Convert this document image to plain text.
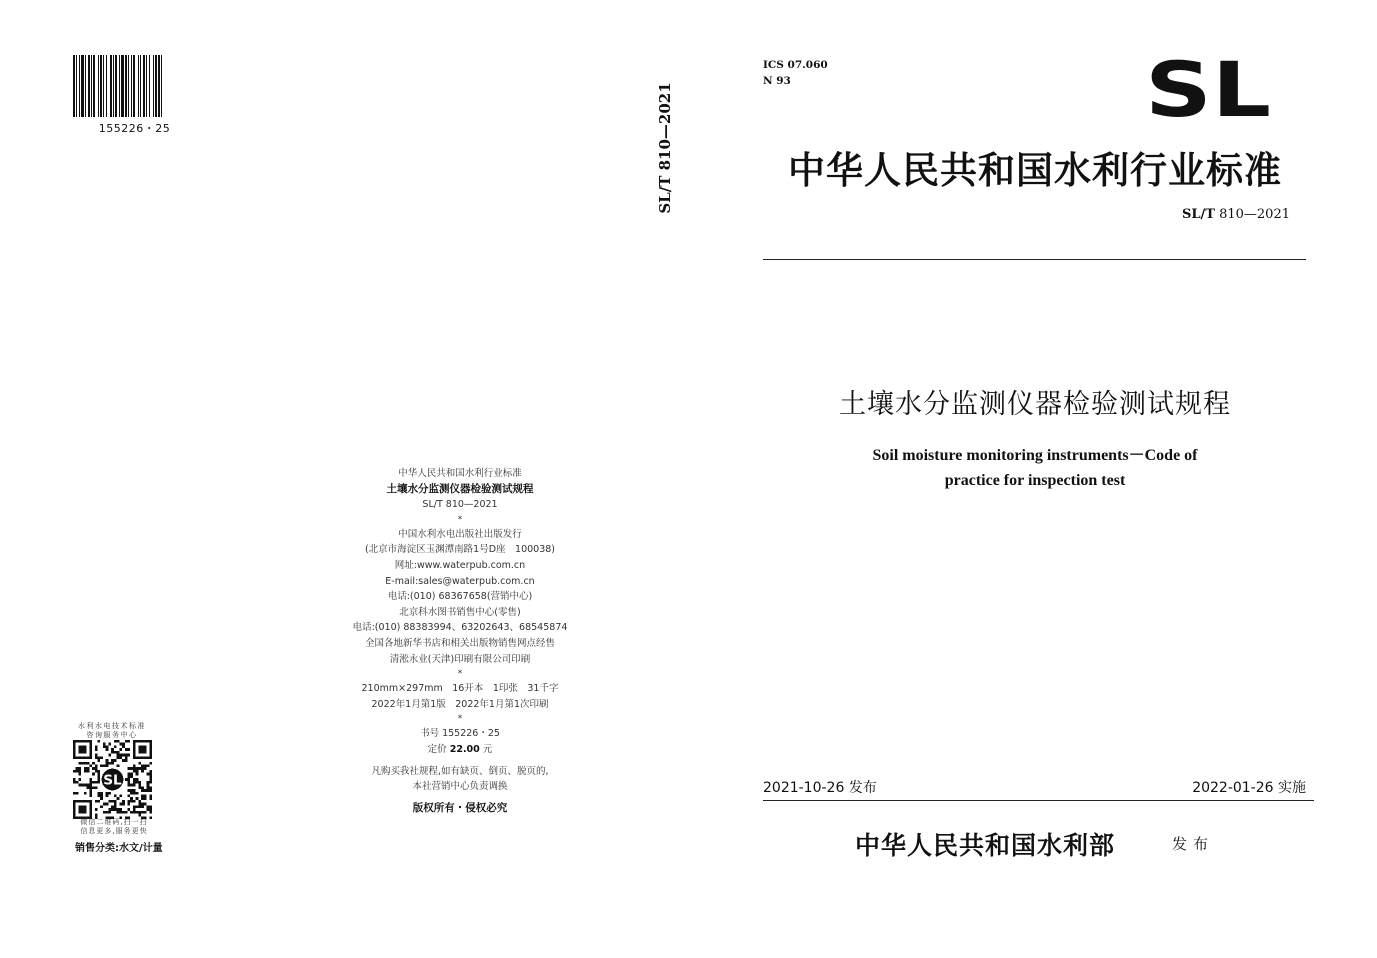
155226・25	SL/T 810—2021
中华人民共和国水利行业标准
土壤水分监测仪器检验测试规程
SL/T 810—2021
*
中国水利水电出版社出版发行
(北京市海淀区玉渊潭南路1号D座　100038)
网址:www.waterpub.com.cn
E-mail:sales@waterpub.com.cn
电话:(010) 68367658(营销中心)
北京科水图书销售中心(零售)
电话:(010) 88383994、63202643、68545874
全国各地新华书店和相关出版物销售网点经售
清淞永业(天津)印刷有限公司印刷
*
210mm×297mm　16开本　1印张　31千字
2022年1月第1版　2022年1月第1次印刷
*
书号 155226・25
定价 22.00 元
凡购买我社规程,如有缺页、倒页、脱页的,
本社营销中心负责调换
版权所有・侵权必究
水利水电技术标准
咨询服务中心
SL
微信二维码,扫一扫
信息更多,服务更快
销售分类:水文/计量
ICS 07.060
N 93	SL
中华人民共和国水利行业标准
SL/T 810—2021
土壤水分监测仪器检验测试规程
Soil moisture monitoring instruments－Code of
practice for inspection test
2021-10-26 发布	2022-01-26 实施
中华人民共和国水利部	发布
